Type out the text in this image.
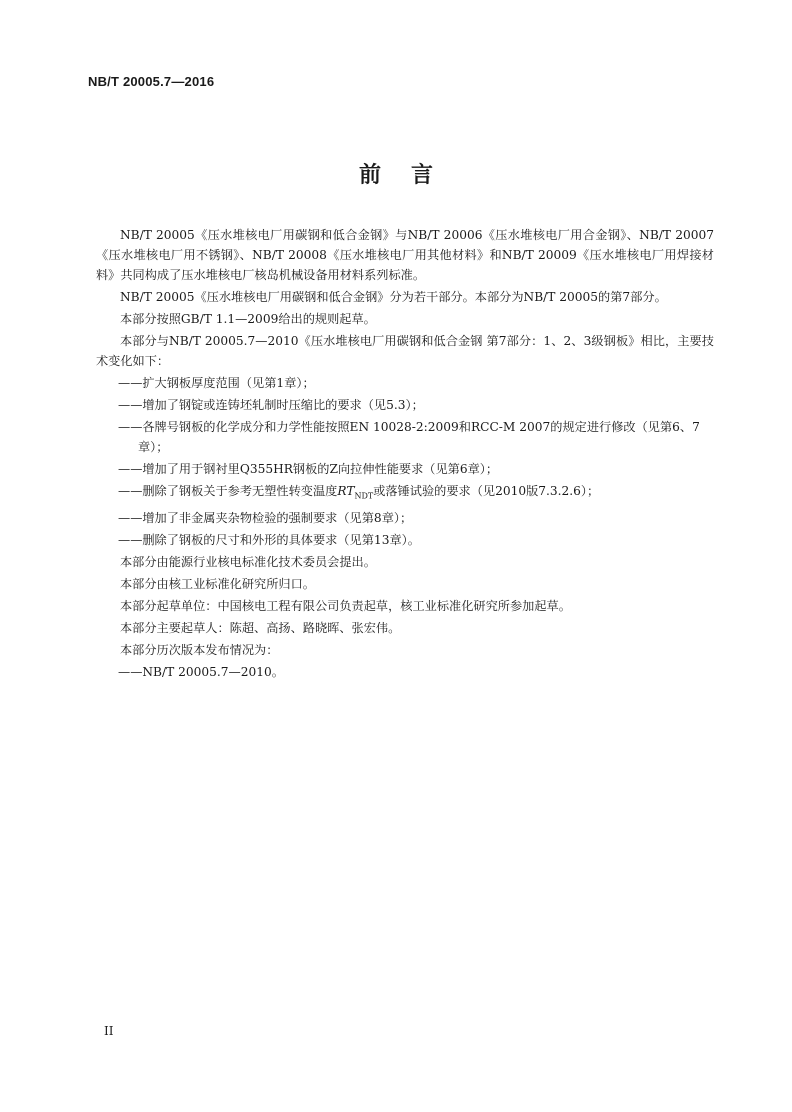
NB/T 20005.7—2016
前言

NB/T 20005《压水堆核电厂用碳钢和低合金钢》与NB/T 20006《压水堆核电厂用合金钢》、NB/T 20007《压水堆核电厂用不锈钢》、NB/T 20008《压水堆核电厂用其他材料》和NB/T 20009《压水堆核电厂用焊接材料》共同构成了压水堆核电厂核岛机械设备用材料系列标准。

NB/T 20005《压水堆核电厂用碳钢和低合金钢》分为若干部分。本部分为NB/T 20005的第7部分。

本部分按照GB/T 1.1—2009给出的规则起草。

本部分与NB/T 20005.7—2010《压水堆核电厂用碳钢和低合金钢 第7部分：1、2、3级钢板》相比，主要技术变化如下：

——扩大钢板厚度范围（见第1章）；

——增加了钢锭或连铸坯轧制时压缩比的要求（见5.3）；

——各牌号钢板的化学成分和力学性能按照EN 10028-2:2009和RCC-M 2007的规定进行修改（见第6、7章）；

——增加了用于钢衬里Q355HR钢板的Z向拉伸性能要求（见第6章）；

——删除了钢板关于参考无塑性转变温度$RT_{NDT}$或落锤试验的要求（见2010版7.3.2.6）；

——增加了非金属夹杂物检验的强制要求（见第8章）；

——删除了钢板的尺寸和外形的具体要求（见第13章）。

本部分由能源行业核电标准化技术委员会提出。

本部分由核工业标准化研究所归口。

本部分起草单位：中国核电工程有限公司负责起草，核工业标准化研究所参加起草。

本部分主要起草人：陈超、高扬、路晓晖、张宏伟。

本部分历次版本发布情况为：

——NB/T 20005.7—2010。

II
